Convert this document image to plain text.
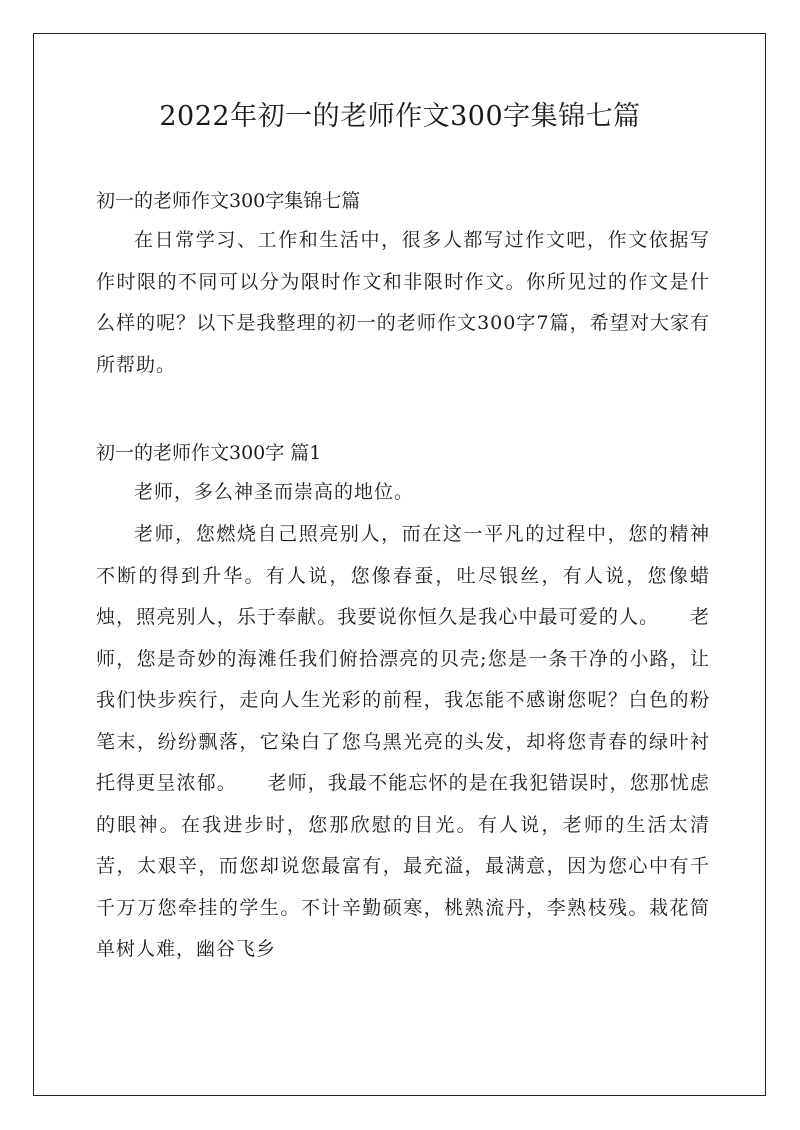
2022年初一的老师作文300字集锦七篇
初一的老师作文300字集锦七篇

在日常学习、工作和生活中，很多人都写过作文吧，作文依据写作时限的不同可以分为限时作文和非限时作文。你所见过的作文是什么样的呢？以下是我整理的初一的老师作文300字7篇，希望对大家有所帮助。

初一的老师作文300字 篇1

老师，多么神圣而崇高的地位。

老师，您燃烧自己照亮别人，而在这一平凡的过程中，您的精神不断的得到升华。有人说，您像春蚕，吐尽银丝，有人说，您像蜡烛，照亮别人，乐于奉献。我要说你恒久是我心中最可爱的人。　　老师，您是奇妙的海滩任我们俯拾漂亮的贝壳;您是一条干净的小路，让我们快步疾行，走向人生光彩的前程，我怎能不感谢您呢？白色的粉笔末，纷纷飘落，它染白了您乌黑光亮的头发，却将您青春的绿叶衬托得更呈浓郁。　　老师，我最不能忘怀的是在我犯错误时，您那忧虑的眼神。在我进步时，您那欣慰的目光。有人说，老师的生活太清苦，太艰辛，而您却说您最富有，最充溢，最满意，因为您心中有千千万万您牵挂的学生。不计辛勤硕寒，桃熟流丹，李熟枝残。栽花简单树人难，幽谷飞乡
